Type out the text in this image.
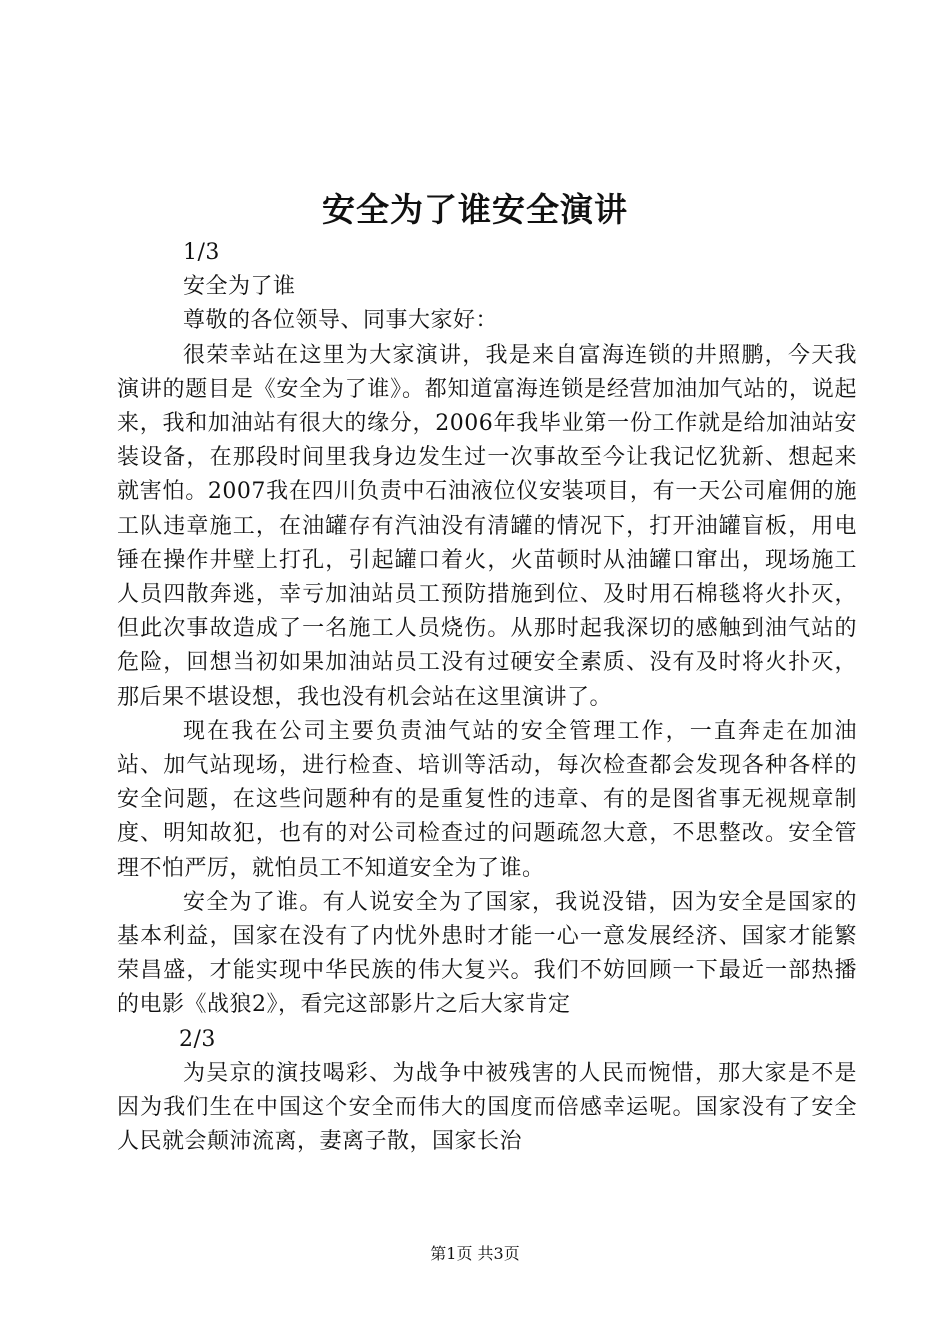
安全为了谁安全演讲

1/3

安全为了谁

尊敬的各位领导、同事大家好：

很荣幸站在这里为大家演讲，我是来自富海连锁的井照鹏，今天我演讲的题目是《安全为了谁》。都知道富海连锁是经营加油加气站的，说起来，我和加油站有很大的缘分，2006年我毕业第一份工作就是给加油站安装设备，在那段时间里我身边发生过一次事故至今让我记忆犹新、想起来就害怕。2007我在四川负责中石油液位仪安装项目，有一天公司雇佣的施工队违章施工，在油罐存有汽油没有清罐的情况下，打开油罐盲板，用电锤在操作井壁上打孔，引起罐口着火，火苗顿时从油罐口窜出，现场施工人员四散奔逃，幸亏加油站员工预防措施到位、及时用石棉毯将火扑灭，但此次事故造成了一名施工人员烧伤。从那时起我深切的感触到油气站的危险，回想当初如果加油站员工没有过硬安全素质、没有及时将火扑灭，那后果不堪设想，我也没有机会站在这里演讲了。

现在我在公司主要负责油气站的安全管理工作，一直奔走在加油站、加气站现场，进行检查、培训等活动，每次检查都会发现各种各样的安全问题，在这些问题种有的是重复性的违章、有的是图省事无视规章制度、明知故犯，也有的对公司检查过的问题疏忽大意，不思整改。安全管理不怕严厉，就怕员工不知道安全为了谁。

安全为了谁。有人说安全为了国家，我说没错，因为安全是国家的基本利益，国家在没有了内忧外患时才能一心一意发展经济、国家才能繁荣昌盛，才能实现中华民族的伟大复兴。我们不妨回顾一下最近一部热播的电影《战狼2》，看完这部影片之后大家肯定

2/3

为吴京的演技喝彩、为战争中被残害的人民而惋惜，那大家是不是因为我们生在中国这个安全而伟大的国度而倍感幸运呢。国家没有了安全人民就会颠沛流离，妻离子散，国家长治

第1页 共3页
